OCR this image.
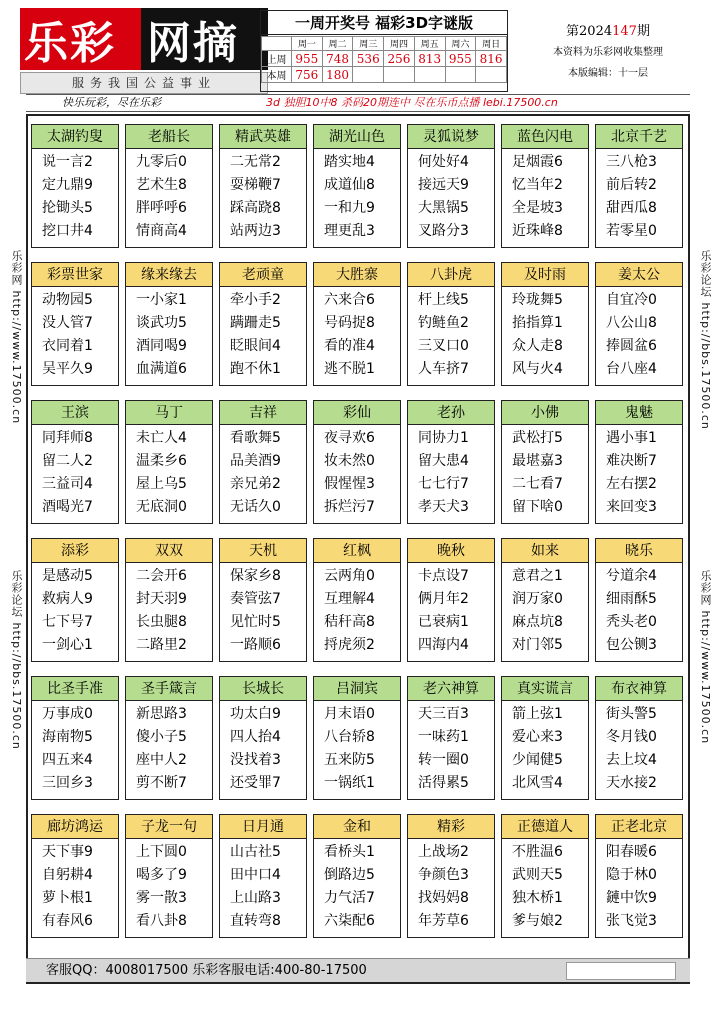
乐彩 网摘
服务我国公益事业
一周开奖号 福彩3D字谜版
	周一	周二	周三	周四	周五	周六	周日
上周	955	748	536	256	813	955	816
本周	756	180					
第2024147期
本资料为乐彩网收集整理
本版编辑：十一层
快乐玩彩，尽在乐彩	3d 独胆10中8 杀码20期连中 尽在乐币点播 lebi.17500.cn
乐彩网 http://www.17500.cn
乐彩论坛 http://bbs.17500.cn
乐彩论坛 http://bbs.17500.cn
乐彩网 http://www.17500.cn
太湖钓叟
说一言2
定九鼎9
抡锄头5
挖口井4
老船长
九零后0
艺术生8
胖呼呼6
情商高4
精武英雄
二无常2
耍梯鞭7
踩高跷8
站两边3
湖光山色
踏实地4
成道仙8
一和九9
理更乱3
灵狐说梦
何处好4
接远天9
大黑锅5
叉路分3
蓝色闪电
足烟霞6
忆当年2
全是坡3
近珠峰8
北京千艺
三八枪3
前后转2
甜西瓜8
若零星0
彩票世家
动物园5
没人管7
衣同着1
吴平久9
缘来缘去
一小家1
谈武功5
酒同喝9
血满道6
老顽童
牵小手2
蹒跚走5
眨眼间4
跑不休1
大胜寨
六来合6
号码捉8
看的准4
逃不脱1
八卦虎
杆上线5
钓鲢鱼2
三叉口0
人车挤7
及时雨
玲珑舞5
掐指算1
众人走8
风与火4
姜太公
自宜冷0
八公山8
捧圆盆6
台八座4
王滨
同拜师8
留二人2
三益司4
酒喝光7
马丁
未亡人4
温柔乡6
屋上乌5
无底洞0
吉祥
看歌舞5
品美酒9
亲兄弟2
无话久0
彩仙
夜寻欢6
妆未然0
假惺惺3
拆烂污7
老孙
同协力1
留大患4
七七行7
孝天犬3
小佛
武松打5
最堪嘉3
二七看7
留下啥0
鬼魅
遇小事1
难决断7
左右摆2
来回变3
添彩
是感动5
救病人9
七下号7
一剑心1
双双
二会开6
封天羽9
长虫腿8
二路里2
天机
保家乡8
奏管弦7
见忙时5
一路顺6
红枫
云两角0
互理解4
秸秆高8
捋虎须2
晚秋
卡点设7
俩月年2
已衰病1
四海内4
如来
意君之1
润万家0
麻点坑8
对门邻5
晓乐
兮道余4
细雨酥5
秃头老0
包公铡3
比圣手准
万事成0
海南物5
四五来4
三回乡3
圣手箴言
新思路3
傻小子5
座中人2
剪不断7
长城长
功太白9
四人抬4
没找着3
还受罪7
吕洞宾
月末语0
八台轿8
五来防5
一锅纸1
老六神算
天三百3
一味药1
转一圈0
活得累5
真实谎言
箭上弦1
爱心来3
少闻健5
北风雪4
布衣神算
街头警5
冬月钱0
去上坟4
天水接2
廊坊鸿运
天下事9
自躬耕4
萝卜根1
有春风6
子龙一句
上下圆0
喝多了9
雾一散3
看八卦8
日月通
山古社5
田中口4
上山路3
直转弯8
金和
看桥头1
倒路边5
力气活7
六柒配6
精彩
上战场2
争颜色3
找妈妈8
年芳草6
正德道人
不胜温6
武则天5
独木桥1
爹与娘2
正老北京
阳春暖6
隐于林0
鏈中饮9
张飞觉3
客服QQ：4008017500 乐彩客服电话:400-80-17500
